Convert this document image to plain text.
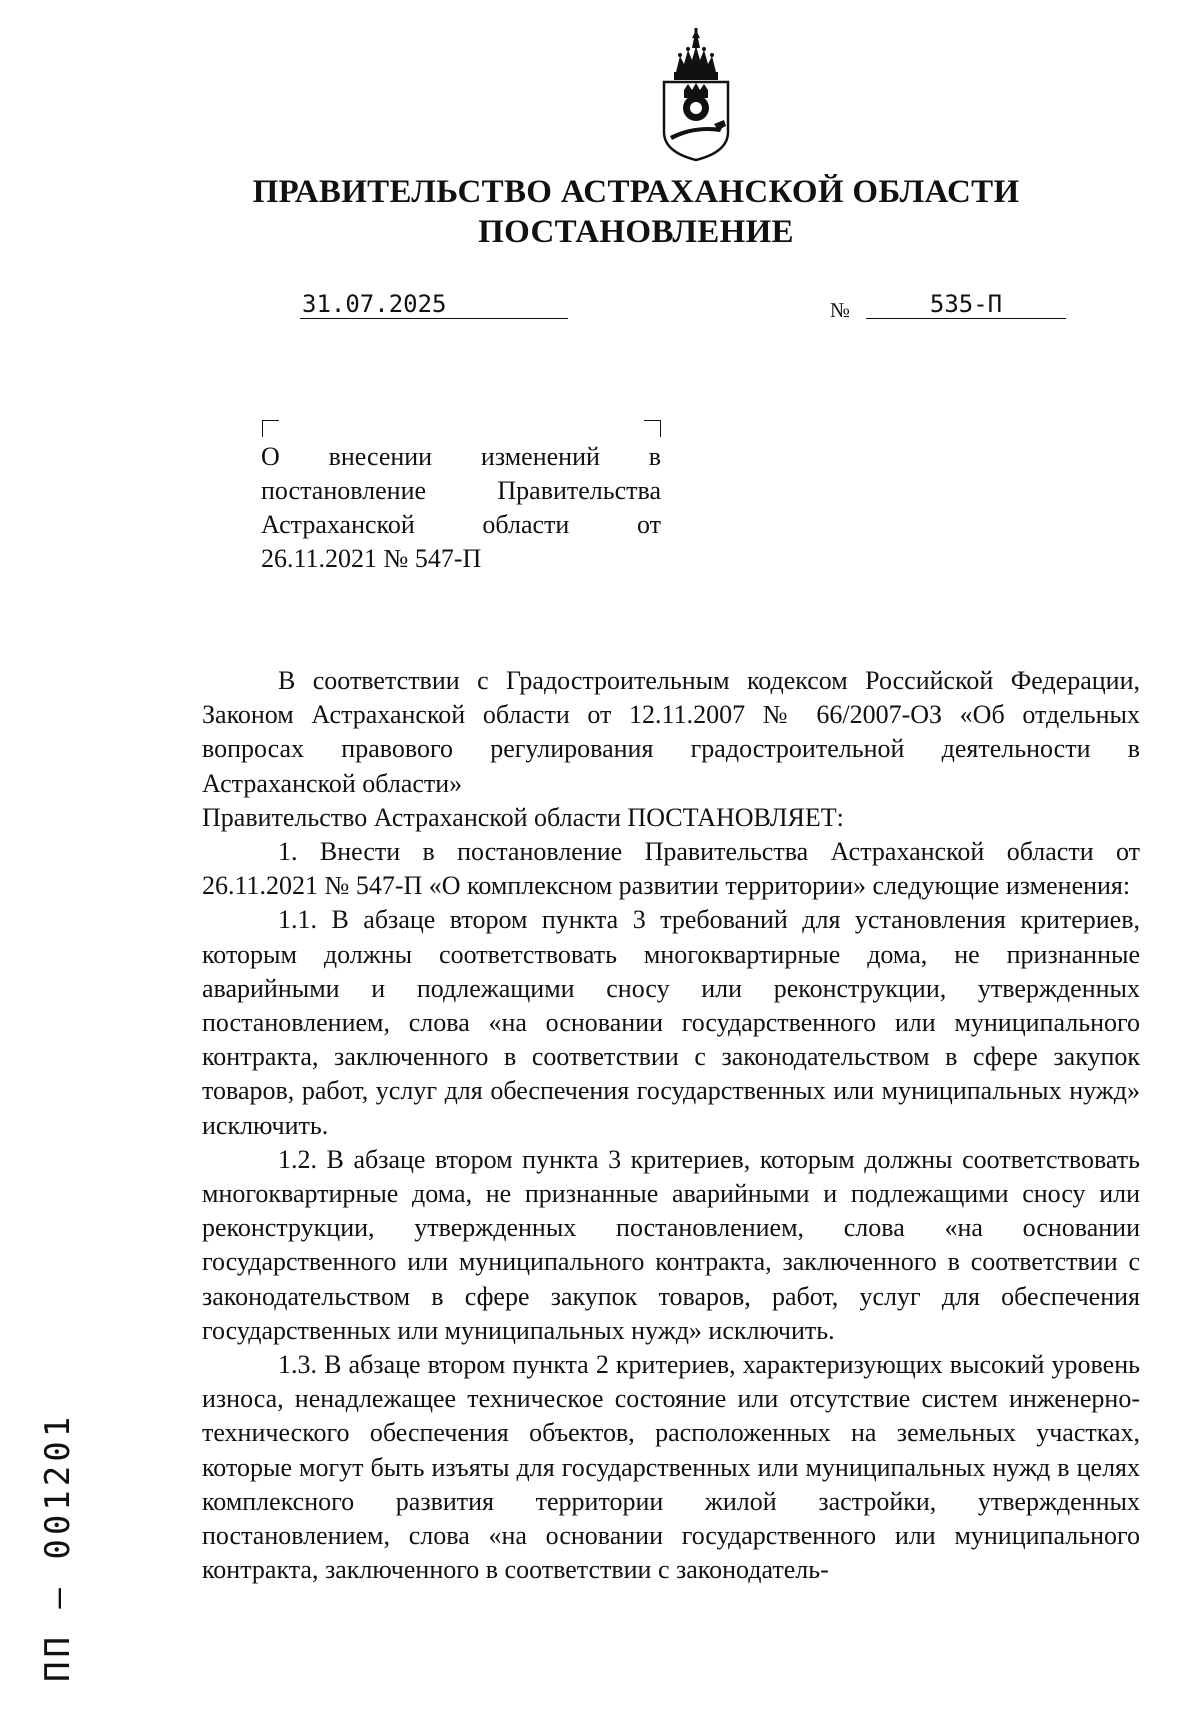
ПРАВИТЕЛЬСТВО АСТРАХАНСКОЙ ОБЛАСТИ
ПОСТАНОВЛЕНИЕ
31.07.2025	№	535-П
О внесении изменений в постановление Правительства Астраханской области от 26.11.2021 № 547-П

В соответствии с Градостроительным кодексом Российской Федерации, Законом Астраханской области от 12.11.2007 № 66/2007-ОЗ «Об отдельных вопросах правового регулирования градостроительной деятельности в Астраханской области»

Правительство Астраханской области ПОСТАНОВЛЯЕТ:

1. Внести в постановление Правительства Астраханской области от 26.11.2021 № 547-П «О комплексном развитии территории» следующие изменения:

1.1. В абзаце втором пункта 3 требований для установления критериев, которым должны соответствовать многоквартирные дома, не признанные аварийными и подлежащими сносу или реконструкции, утвержденных постановлением, слова «на основании государственного или муниципального контракта, заключенного в соответствии с законодательством в сфере закупок товаров, работ, услуг для обеспечения государственных или муниципальных нужд» исключить.

1.2. В абзаце втором пункта 3 критериев, которым должны соответствовать многоквартирные дома, не признанные аварийными и подлежащими сносу или реконструкции, утвержденных постановлением, слова «на основании государственного или муниципального контракта, заключенного в соответствии с законодательством в сфере закупок товаров, работ, услуг для обеспечения государственных или муниципальных нужд» исключить.

1.3. В абзаце втором пункта 2 критериев, характеризующих высокий уровень износа, ненадлежащее техническое состояние или отсутствие систем инженерно-технического обеспечения объектов, расположенных на земельных участках, которые могут быть изъяты для государственных или муниципальных нужд в целях комплексного развития территории жилой застройки, утвержденных постановлением, слова «на основании государственного или муниципального контракта, заключенного в соответствии с законодатель-

ПП – 001201
